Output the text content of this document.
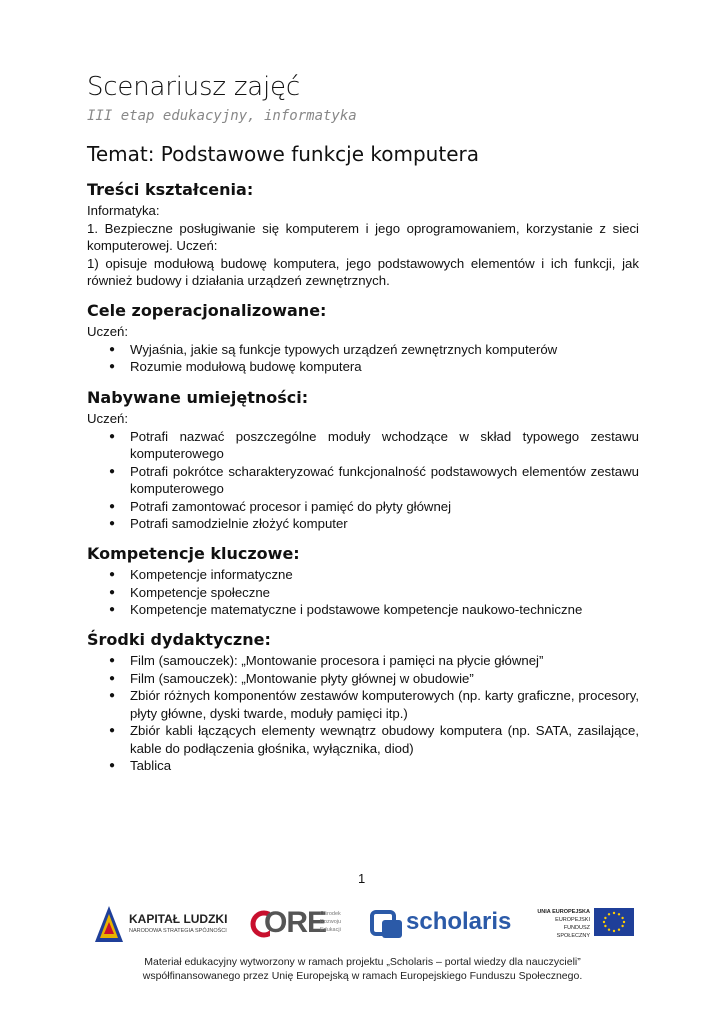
Scenariusz zajęć
III etap edukacyjny, informatyka
Temat: Podstawowe funkcje komputera
Treści kształcenia:

Informatyka:

1. Bezpieczne posługiwanie się komputerem i jego oprogramowaniem, korzystanie z sieci komputerowej. Uczeń:

1) opisuje modułową budowę komputera, jego podstawowych elementów i ich funkcji, jak również budowy i działania urządzeń zewnętrznych.

Cele zoperacjonalizowane:

Uczeń:

● Wyjaśnia, jakie są funkcje typowych urządzeń zewnętrznych komputerów
● Rozumie modułową budowę komputera
Nabywane umiejętności:

Uczeń:

● Potrafi nazwać poszczególne moduły wchodzące w skład typowego zestawu komputerowego
● Potrafi pokrótce scharakteryzować funkcjonalność podstawowych elementów zestawu komputerowego
● Potrafi zamontować procesor i pamięć do płyty głównej
● Potrafi samodzielnie złożyć komputer
Kompetencje kluczowe:
● Kompetencje informatyczne
● Kompetencje społeczne
● Kompetencje matematyczne i podstawowe kompetencje naukowo-techniczne
Środki dydaktyczne:
● Film (samouczek): „Montowanie procesora i pamięci na płycie głównej”
● Film (samouczek): „Montowanie płyty głównej w obudowie”
● Zbiór różnych komponentów zestawów komputerowych (np. karty graficzne, procesory, płyty główne, dyski twarde, moduły pamięci itp.)
● Zbiór kabli łączących elementy wewnątrz obudowy komputera (np. SATA, zasilające, kable do podłączenia głośnika, wyłącznika, diod)
● Tablica
1
KAPITAŁ LUDZKI
NARODOWA STRATEGIA SPÓJNOŚCI ORE
Ośrodek
Rozwoju
Edukacji	scholaris	UNIA EUROPEJSKA
EUROPEJSKI
FUNDUSZ SPOŁECZNY
Materiał edukacyjny wytworzony w ramach projektu „Scholaris – portal wiedzy dla nauczycieli”
współfinansowanego przez Unię Europejską w ramach Europejskiego Funduszu Społecznego.
